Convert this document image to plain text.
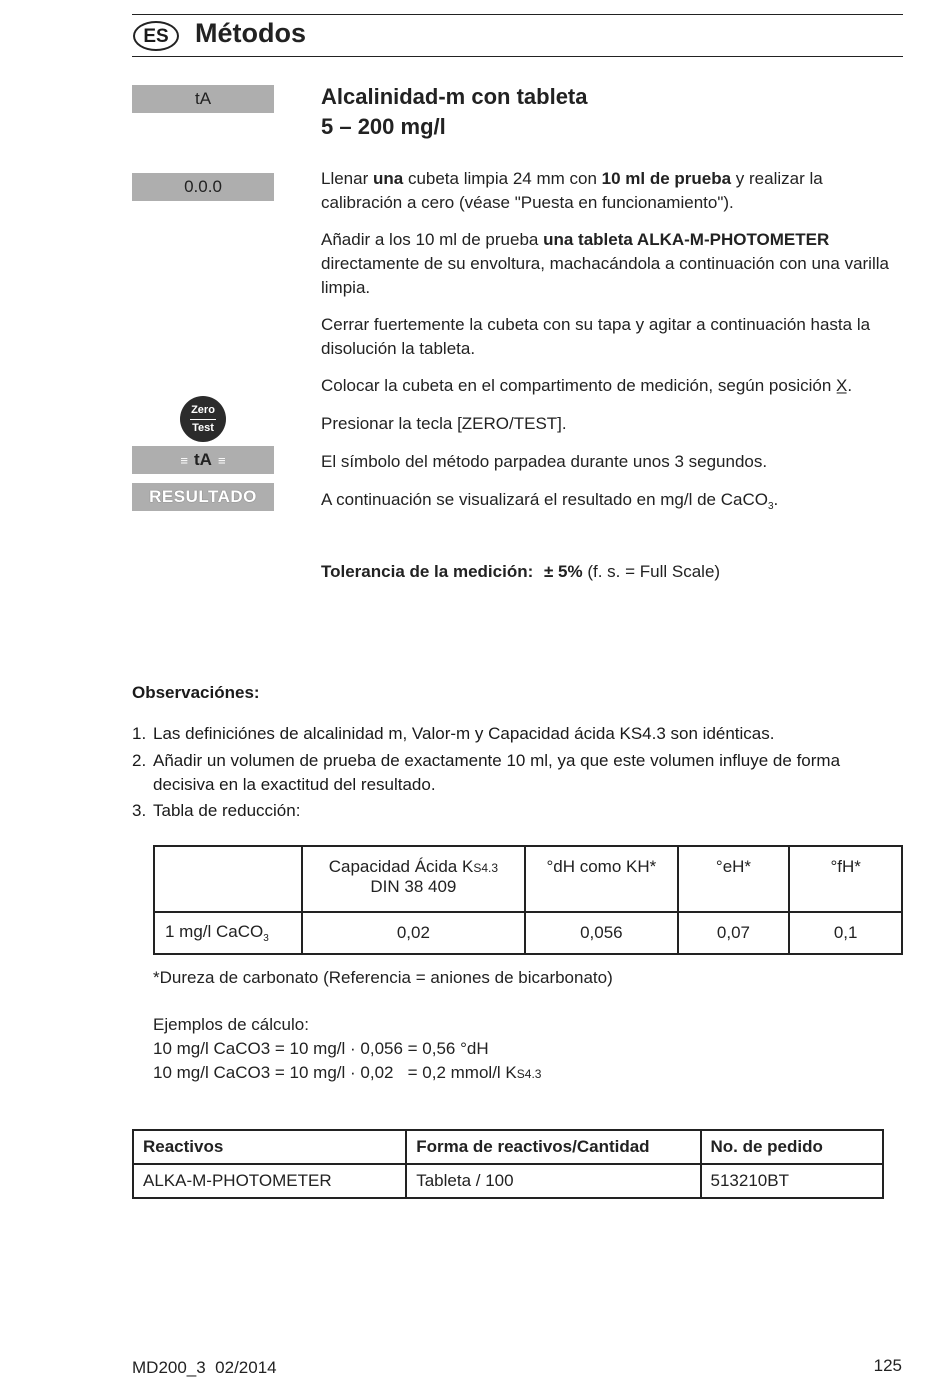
ES Métodos
tA
0.0.0
Zero
Test
≡ tA ≡
RESULTADO
Alcalinidad-m con tableta
5 – 200 mg/l
Llenar una cubeta limpia 24 mm con 10 ml de prueba y realizar la calibración a cero (véase "Puesta en funcionamiento").
Añadir a los 10 ml de prueba una tableta ALKA-M-PHOTOMETER directamente de su envoltura, machacándola a continuación con una varilla limpia.
Cerrar fuertemente la cubeta con su tapa y agitar a continuación hasta la disolución la tableta.
Colocar la cubeta en el compartimento de medición, según posición X̲.
Presionar la tecla [ZERO/TEST].
El símbolo del método parpadea durante unos 3 segundos.
A continuación se visualizará el resultado en mg/l de CaCO$_3$.
Tolerancia de la medición: ± 5% (f. s. = Full Scale)
Observaciónes:
1. Las definiciónes de alcalinidad m, Valor-m y Capacidad ácida KS4.3 son idénticas.
2. Añadir un volumen de prueba de exactamente 10 ml, ya que este volumen influye de forma decisiva en la exactitud del resultado.
3. Tabla de reducción:
	Capacidad Ácida KS4.3
DIN 38 409	°dH como KH*	°eH*	°fH*
1 mg/l CaCO$_3$	0,02	0,056	0,07	0,1
*Dureza de carbonato (Referencia = aniones de bicarbonato)
Ejemplos de cálculo:
10 mg/l CaCO3 = 10 mg/l · 0,056 = 0,56 °dH
10 mg/l CaCO3 = 10 mg/l · 0,02   = 0,2 mmol/l KS4.3
Reactivos	Forma de reactivos/Cantidad	No. de pedido
ALKA-M-PHOTOMETER	Tableta / 100	513210BT
MD200_3  02/2014	125
